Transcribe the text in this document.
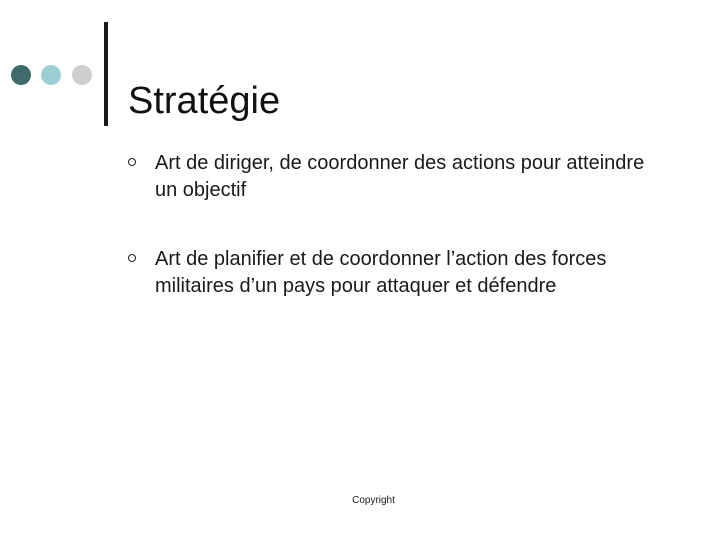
Stratégie
Art de diriger, de coordonner des actions pour atteindre un objectif
Art de planifier et de coordonner l’action des forces militaires d’un pays pour attaquer et défendre
Copyright
